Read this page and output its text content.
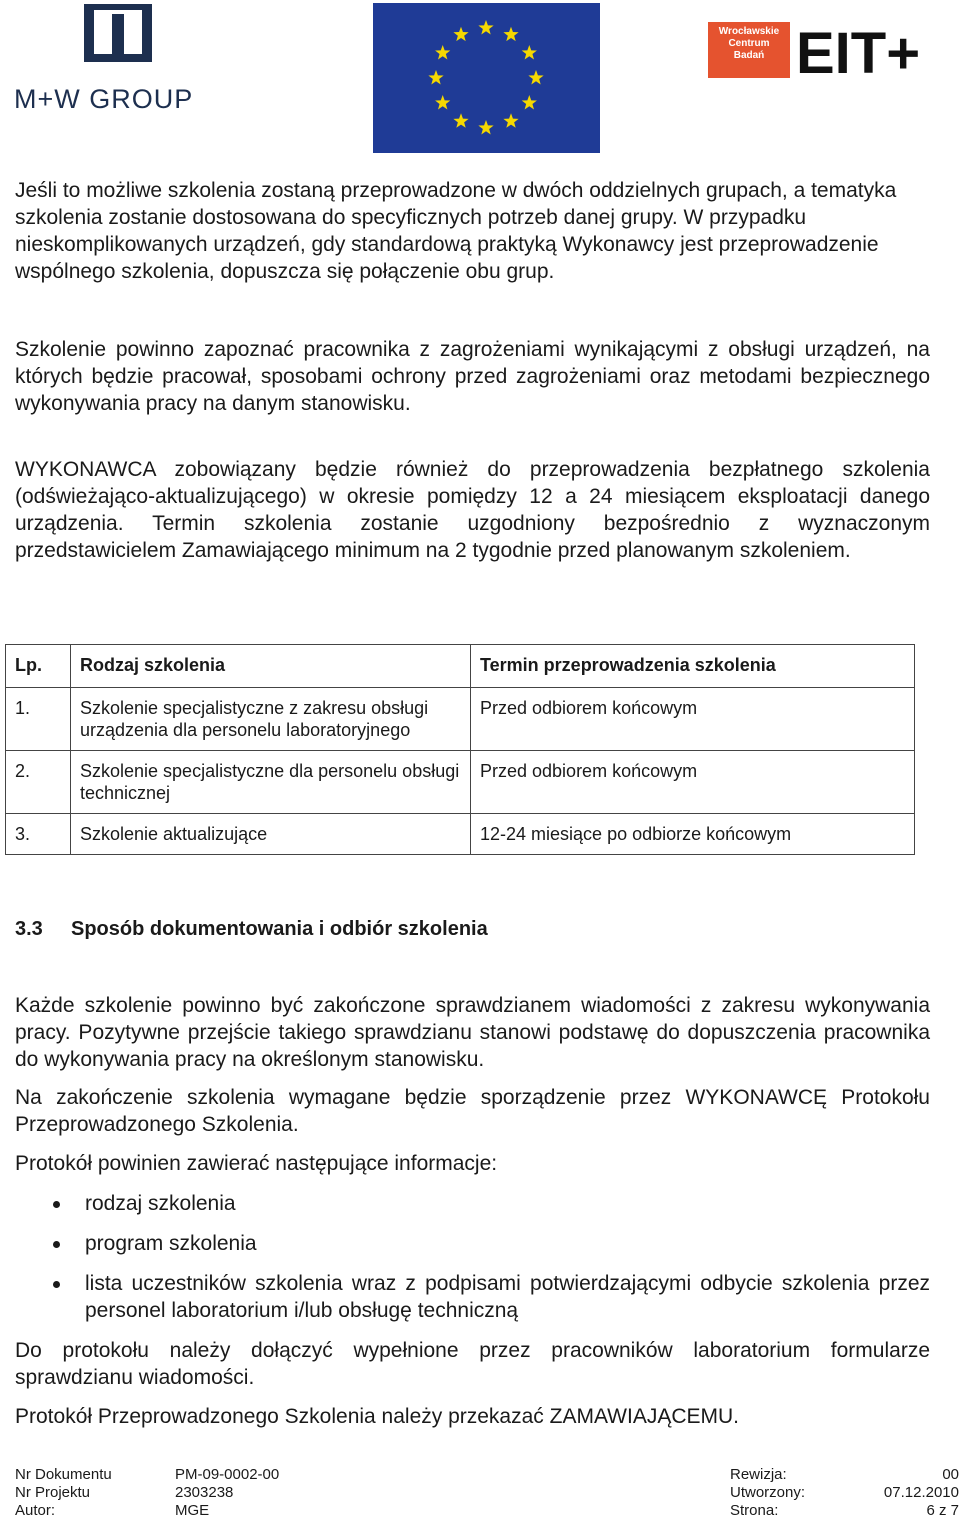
M+W GROUP
Wrocławskie
Centrum
Badań EIT+

Jeśli to możliwe szkolenia zostaną przeprowadzone w dwóch oddzielnych grupach, a tematyka szkolenia zostanie dostosowana do specyficznych potrzeb danej grupy. W przypadku nieskomplikowanych urządzeń, gdy standardową praktyką Wykonawcy jest przeprowadzenie wspólnego szkolenia, dopuszcza się połączenie obu grup.

Szkolenie powinno zapoznać pracownika z zagrożeniami wynikającymi z obsługi urządzeń, na których będzie pracował, sposobami ochrony przed zagrożeniami oraz metodami bezpiecznego wykonywania pracy na danym stanowisku.

WYKONAWCA zobowiązany będzie również do przeprowadzenia bezpłatnego szkolenia (odświeżająco-aktualizującego) w okresie pomiędzy 12 a 24 miesiącem eksploatacji danego urządzenia. Termin szkolenia zostanie uzgodniony bezpośrednio z wyznaczonym przedstawicielem Zamawiającego minimum na 2 tygodnie przed planowanym szkoleniem.

Lp.	Rodzaj szkolenia	Termin przeprowadzenia szkolenia
1.	Szkolenie specjalistyczne z zakresu obsługi urządzenia dla personelu laboratoryjnego	Przed odbiorem końcowym
2.	Szkolenie specjalistyczne dla personelu obsługi technicznej	Przed odbiorem końcowym
3.	Szkolenie aktualizujące	12-24 miesiące po odbiorze końcowym
3.3 Sposób dokumentowania i odbiór szkolenia

Każde szkolenie powinno być zakończone sprawdzianem wiadomości z zakresu wykonywania pracy. Pozytywne przejście takiego sprawdzianu stanowi podstawę do dopuszczenia pracownika do wykonywania pracy na określonym stanowisku.

Na zakończenie szkolenia wymagane będzie sporządzenie przez WYKONAWCĘ Protokołu Przeprowadzonego Szkolenia.

Protokół powinien zawierać następujące informacje:

rodzaj szkolenia
program szkolenia
lista uczestników szkolenia wraz z podpisami potwierdzającymi odbycie szkolenia przez personel laboratorium i/lub obsługę techniczną

Do protokołu należy dołączyć wypełnione przez pracowników laboratorium formularze sprawdzianu wiadomości.

Protokół Przeprowadzonego Szkolenia należy przekazać ZAMAWIAJĄCEMU.

Nr Dokumentu	PM-09-0002-00	Rewizja:	00
Nr Projektu	2303238	Utworzony:	07.12.2010
Autor:	MGE	Strona:	6 z 7
